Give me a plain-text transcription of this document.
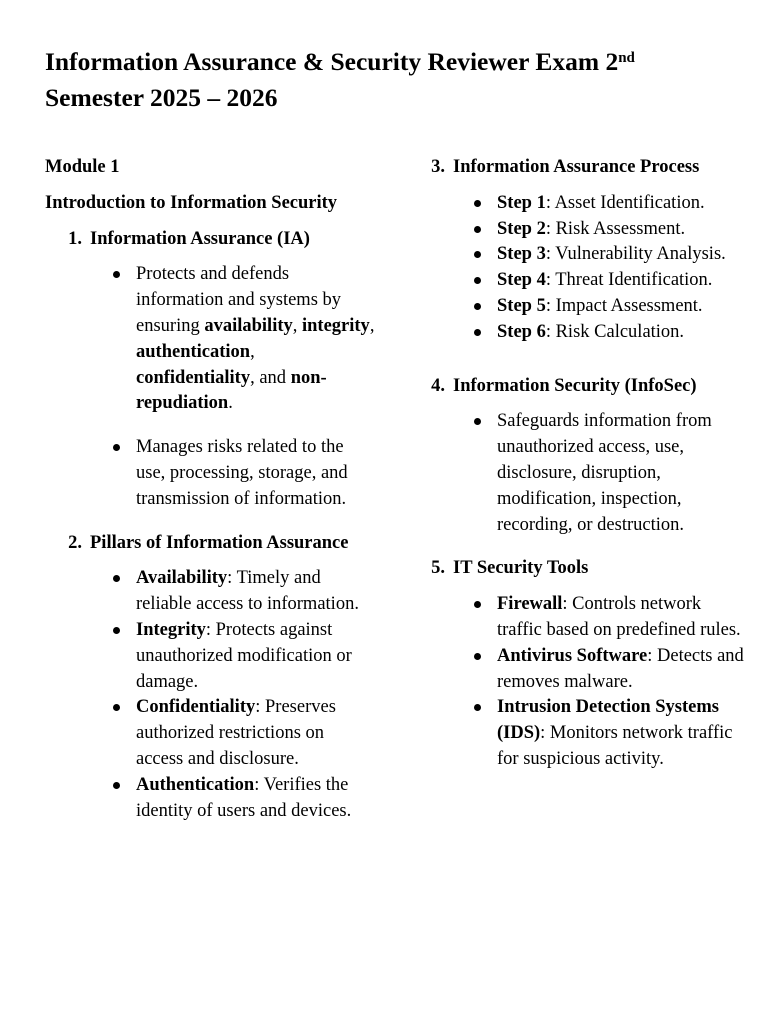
Information Assurance & Security Reviewer Exam 2nd
Semester 2025 – 2026
Module 1
Introduction to Information Security
1. Information Assurance (IA)
Protects and defends information and systems by ensuring availability, integrity, authentication, confidentiality, and non-repudiation.
Manages risks related to the use, processing, storage, and transmission of information.
2. Pillars of Information Assurance
Availability: Timely and reliable access to information.
Integrity: Protects against unauthorized modification or damage.
Confidentiality: Preserves authorized restrictions on access and disclosure.
Authentication: Verifies the identity of users and devices.
3. Information Assurance Process
Step 1: Asset Identification.
Step 2: Risk Assessment.
Step 3: Vulnerability Analysis.
Step 4: Threat Identification.
Step 5: Impact Assessment.
Step 6: Risk Calculation.
4. Information Security (InfoSec)
Safeguards information from unauthorized access, use, disclosure, disruption, modification, inspection, recording, or destruction.
5. IT Security Tools
Firewall: Controls network traffic based on predefined rules.
Antivirus Software: Detects and removes malware.
Intrusion Detection Systems (IDS): Monitors network traffic for suspicious activity.
